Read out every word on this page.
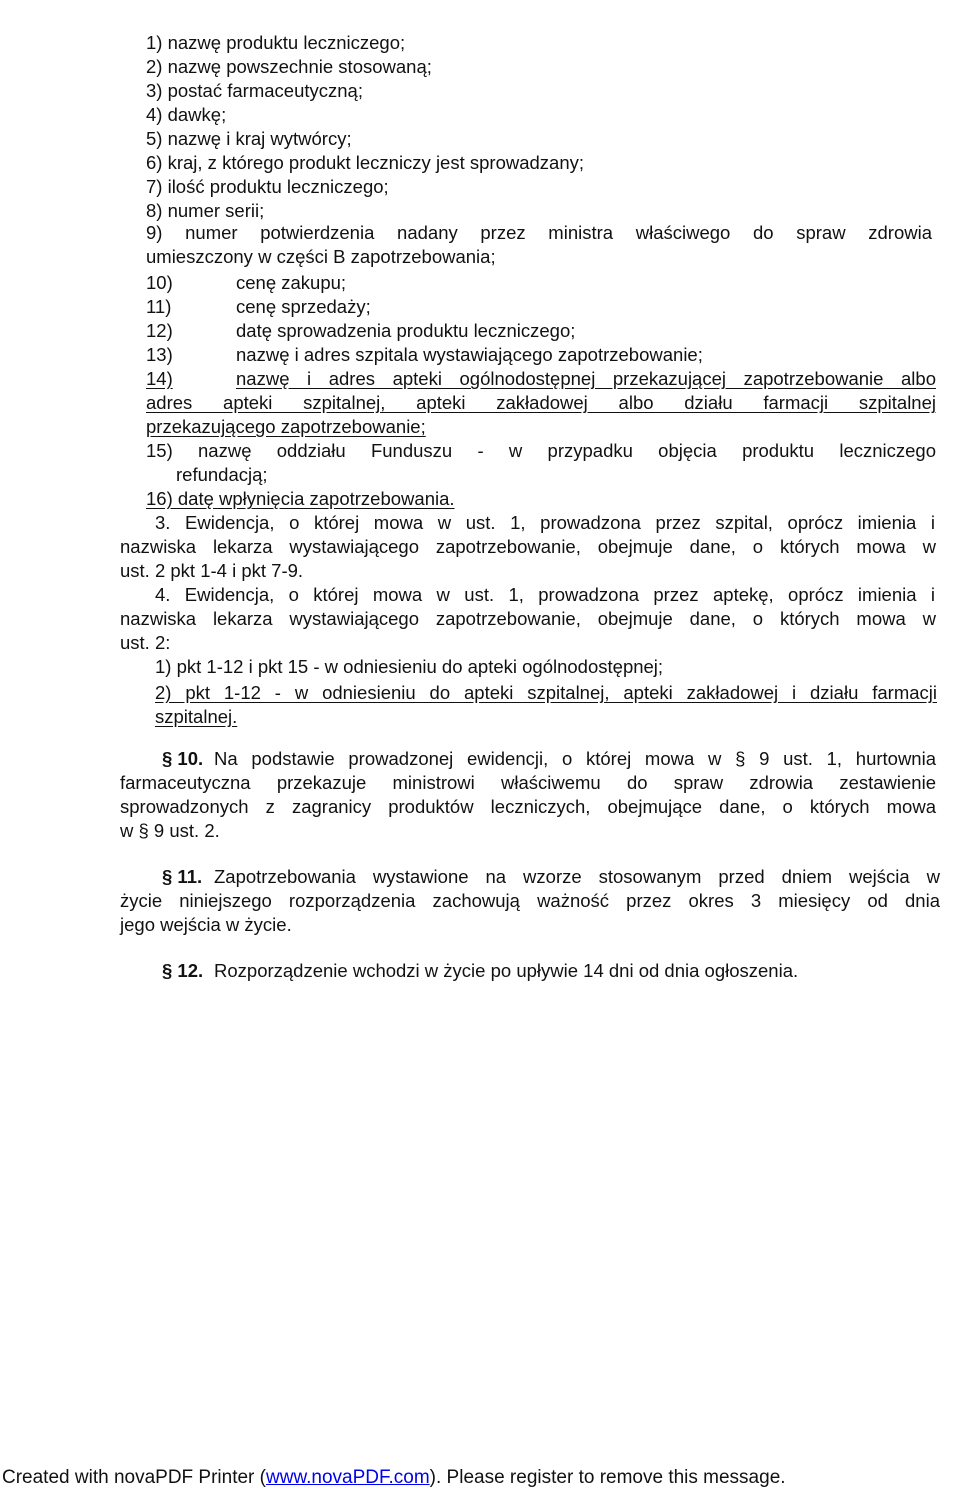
1) nazwę produktu leczniczego;
2) nazwę powszechnie stosowaną;
3) postać farmaceutyczną;
4) dawkę;
5) nazwę i kraj wytwórcy;
6) kraj, z którego produkt leczniczy jest sprowadzany;
7) ilość produktu leczniczego;
8) numer serii;
9) numer potwierdzenia nadany przez ministra właściwego do spraw zdrowia
umieszczony w części B zapotrzebowania;
10)	cenę zakupu;
11)	cenę sprzedaży;
12)	datę sprowadzenia produktu leczniczego;
13)	nazwę i adres szpitala wystawiającego zapotrzebowanie;
14)	nazwę i adres apteki ogólnodostępnej przekazującej zapotrzebowanie albo
adres apteki szpitalnej, apteki zakładowej albo działu farmacji szpitalnej
przekazującego zapotrzebowanie;
15) nazwę oddziału Funduszu - w przypadku objęcia produktu leczniczego
refundacją;
16) datę wpłynięcia zapotrzebowania.
3. Ewidencja, o której mowa w ust. 1, prowadzona przez szpital, oprócz imienia i
nazwiska lekarza wystawiającego zapotrzebowanie, obejmuje dane, o których mowa w
ust. 2 pkt 1-4 i pkt 7-9.
4. Ewidencja, o której mowa w ust. 1, prowadzona przez aptekę, oprócz imienia i
nazwiska lekarza wystawiającego zapotrzebowanie, obejmuje dane, o których mowa w
ust. 2:
1) pkt 1-12 i pkt 15 - w odniesieniu do apteki ogólnodostępnej;
2) pkt 1-12 - w odniesieniu do apteki szpitalnej, apteki zakładowej i działu farmacji
szpitalnej.
§ 10. Na podstawie prowadzonej ewidencji, o której mowa w § 9 ust. 1, hurtownia
farmaceutyczna przekazuje ministrowi właściwemu do spraw zdrowia zestawienie
sprowadzonych z zagranicy produktów leczniczych, obejmujące dane, o których mowa
w § 9 ust. 2.
§ 11. Zapotrzebowania wystawione na wzorze stosowanym przed dniem wejścia w
życie niniejszego rozporządzenia zachowują ważność przez okres 3 miesięcy od dnia
jego wejścia w życie.
§ 12. Rozporządzenie wchodzi w życie po upływie 14 dni od dnia ogłoszenia.
Created with novaPDF Printer (www.novaPDF.com). Please register to remove this message.
